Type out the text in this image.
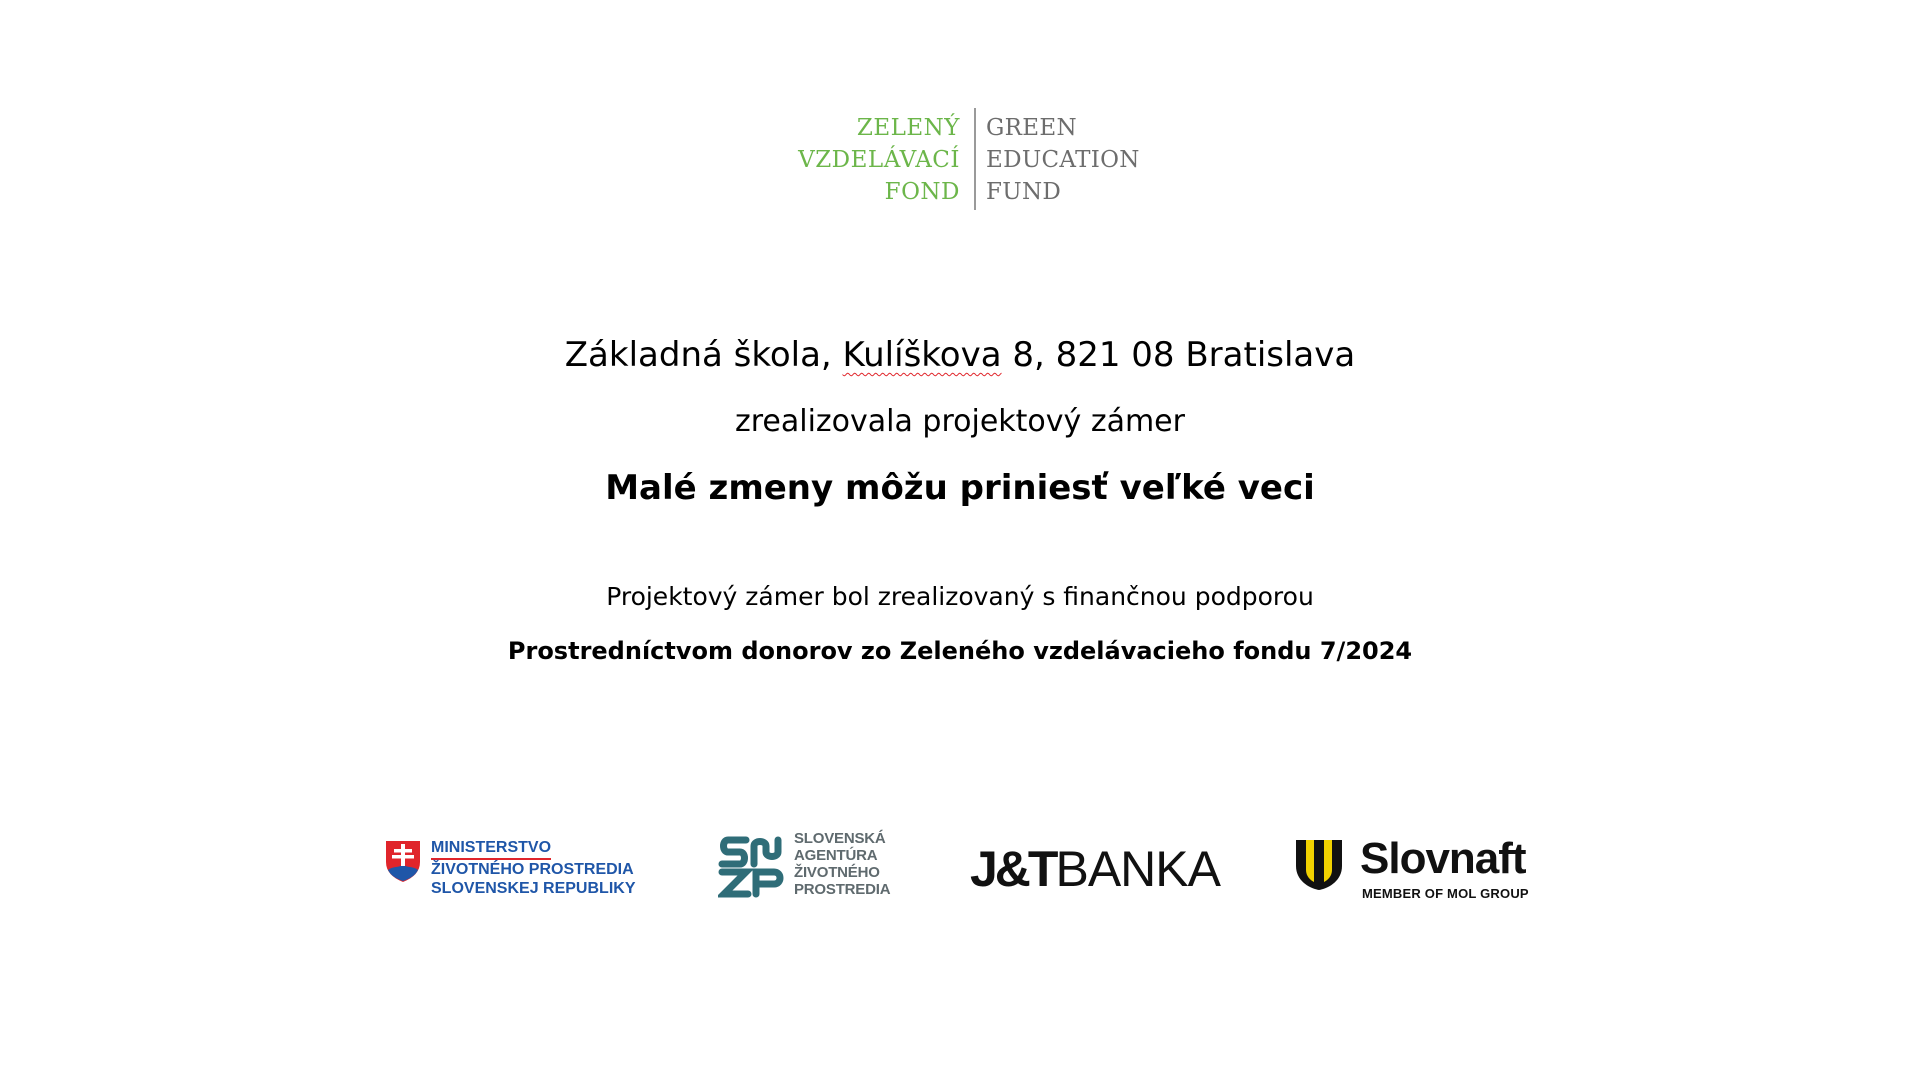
ZELENÝ
VZDELÁVACÍ
FOND
GREEN
EDUCATION
FUND
Základná škola, Kulíškova 8, 821 08 Bratislava
zrealizovala projektový zámer
Malé zmeny môžu priniesť veľké veci
Projektový zámer bol zrealizovaný s finančnou podporou
Prostredníctvom donorov zo Zeleného vzdelávacieho fondu 7/2024
MINISTERSTVO
ŽIVOTNÉHO PROSTREDIA
SLOVENSKEJ REPUBLIKY
SLOVENSKÁ
AGENTÚRA
ŽIVOTNÉHO
PROSTREDIA J&TBANKA	Slovnaft
MEMBER OF MOL GROUP
